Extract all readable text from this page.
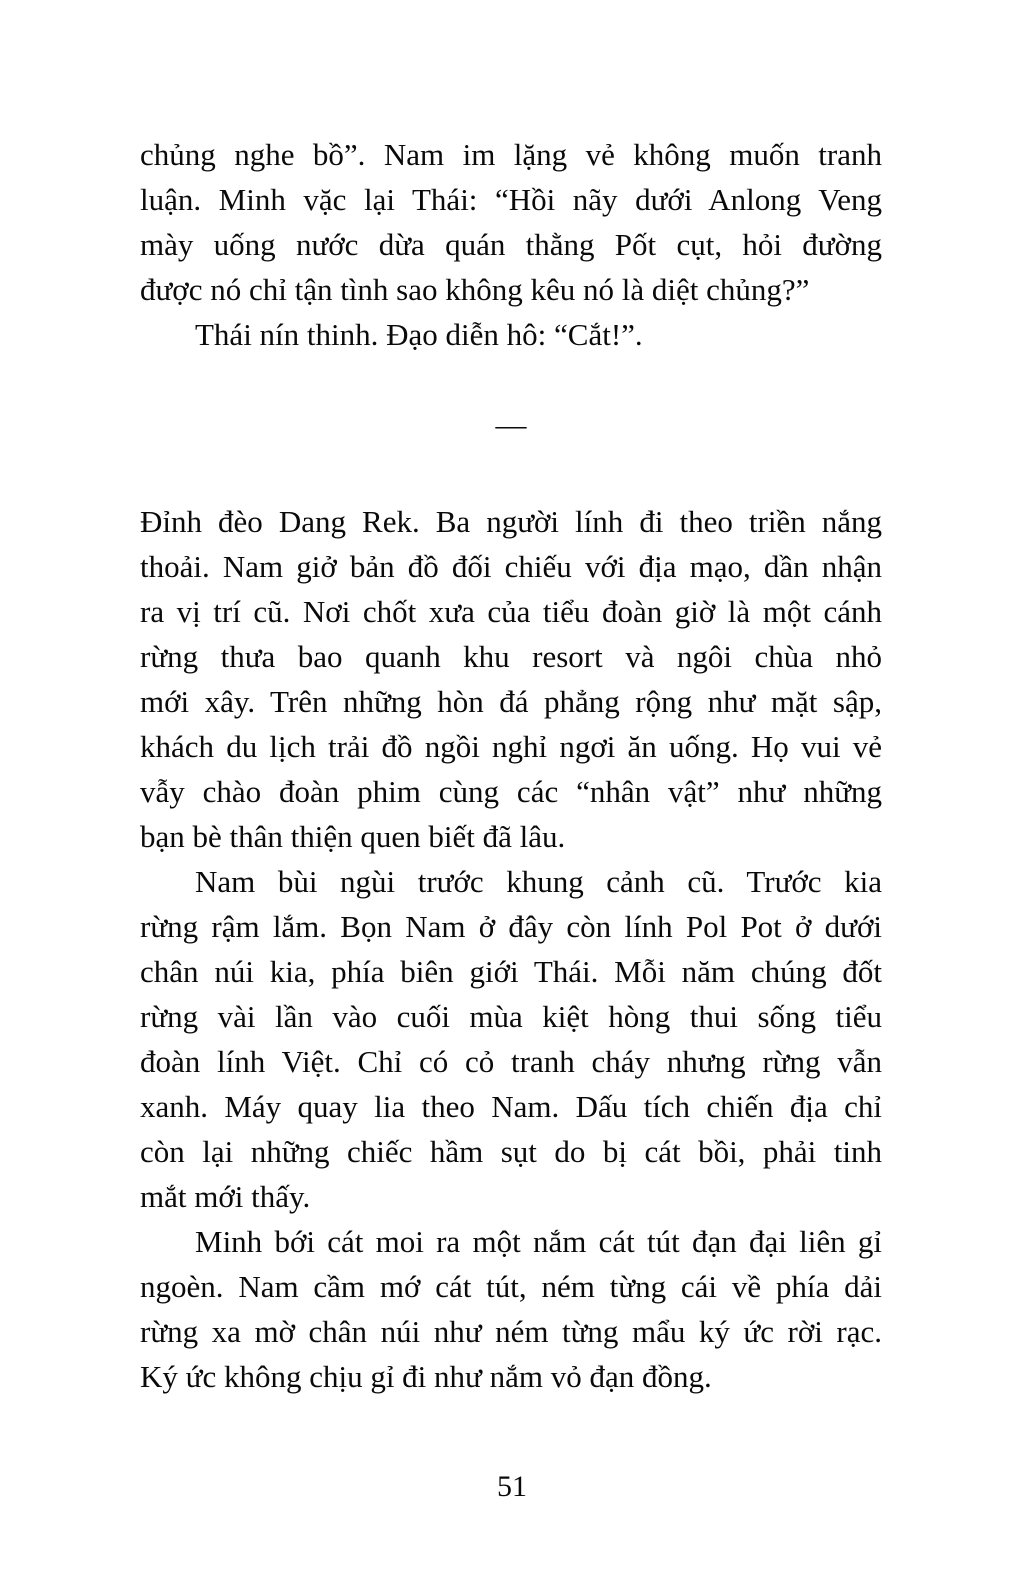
chủng nghe bồ”. Nam im lặng vẻ không muốn tranh
luận. Minh vặc lại Thái: “Hồi nãy dưới Anlong Veng
mày uống nước dừa quán thằng Pốt cụt, hỏi đường
được nó chỉ tận tình sao không kêu nó là diệt chủng?”

Thái nín thinh. Đạo diễn hô: “Cắt!”.

—

Đỉnh đèo Dang Rek. Ba người lính đi theo triền nắng
thoải. Nam giở bản đồ đối chiếu với địa mạo, dần nhận
ra vị trí cũ. Nơi chốt xưa của tiểu đoàn giờ là một cánh
rừng thưa bao quanh khu resort và ngôi chùa nhỏ
mới xây. Trên những hòn đá phẳng rộng như mặt sập,
khách du lịch trải đồ ngồi nghỉ ngơi ăn uống. Họ vui vẻ
vẫy chào đoàn phim cùng các “nhân vật” như những
bạn bè thân thiện quen biết đã lâu.

Nam bùi ngùi trước khung cảnh cũ. Trước kia
rừng rậm lắm. Bọn Nam ở đây còn lính Pol Pot ở dưới
chân núi kia, phía biên giới Thái. Mỗi năm chúng đốt
rừng vài lần vào cuối mùa kiệt hòng thui sống tiểu
đoàn lính Việt. Chỉ có cỏ tranh cháy nhưng rừng vẫn
xanh. Máy quay lia theo Nam. Dấu tích chiến địa chỉ
còn lại những chiếc hầm sụt do bị cát bồi, phải tinh
mắt mới thấy.

Minh bới cát moi ra một nắm cát tút đạn đại liên gỉ
ngoèn. Nam cầm mớ cát tút, ném từng cái về phía dải
rừng xa mờ chân núi như ném từng mẩu ký ức rời rạc.
Ký ức không chịu gỉ đi như nắm vỏ đạn đồng.

51
